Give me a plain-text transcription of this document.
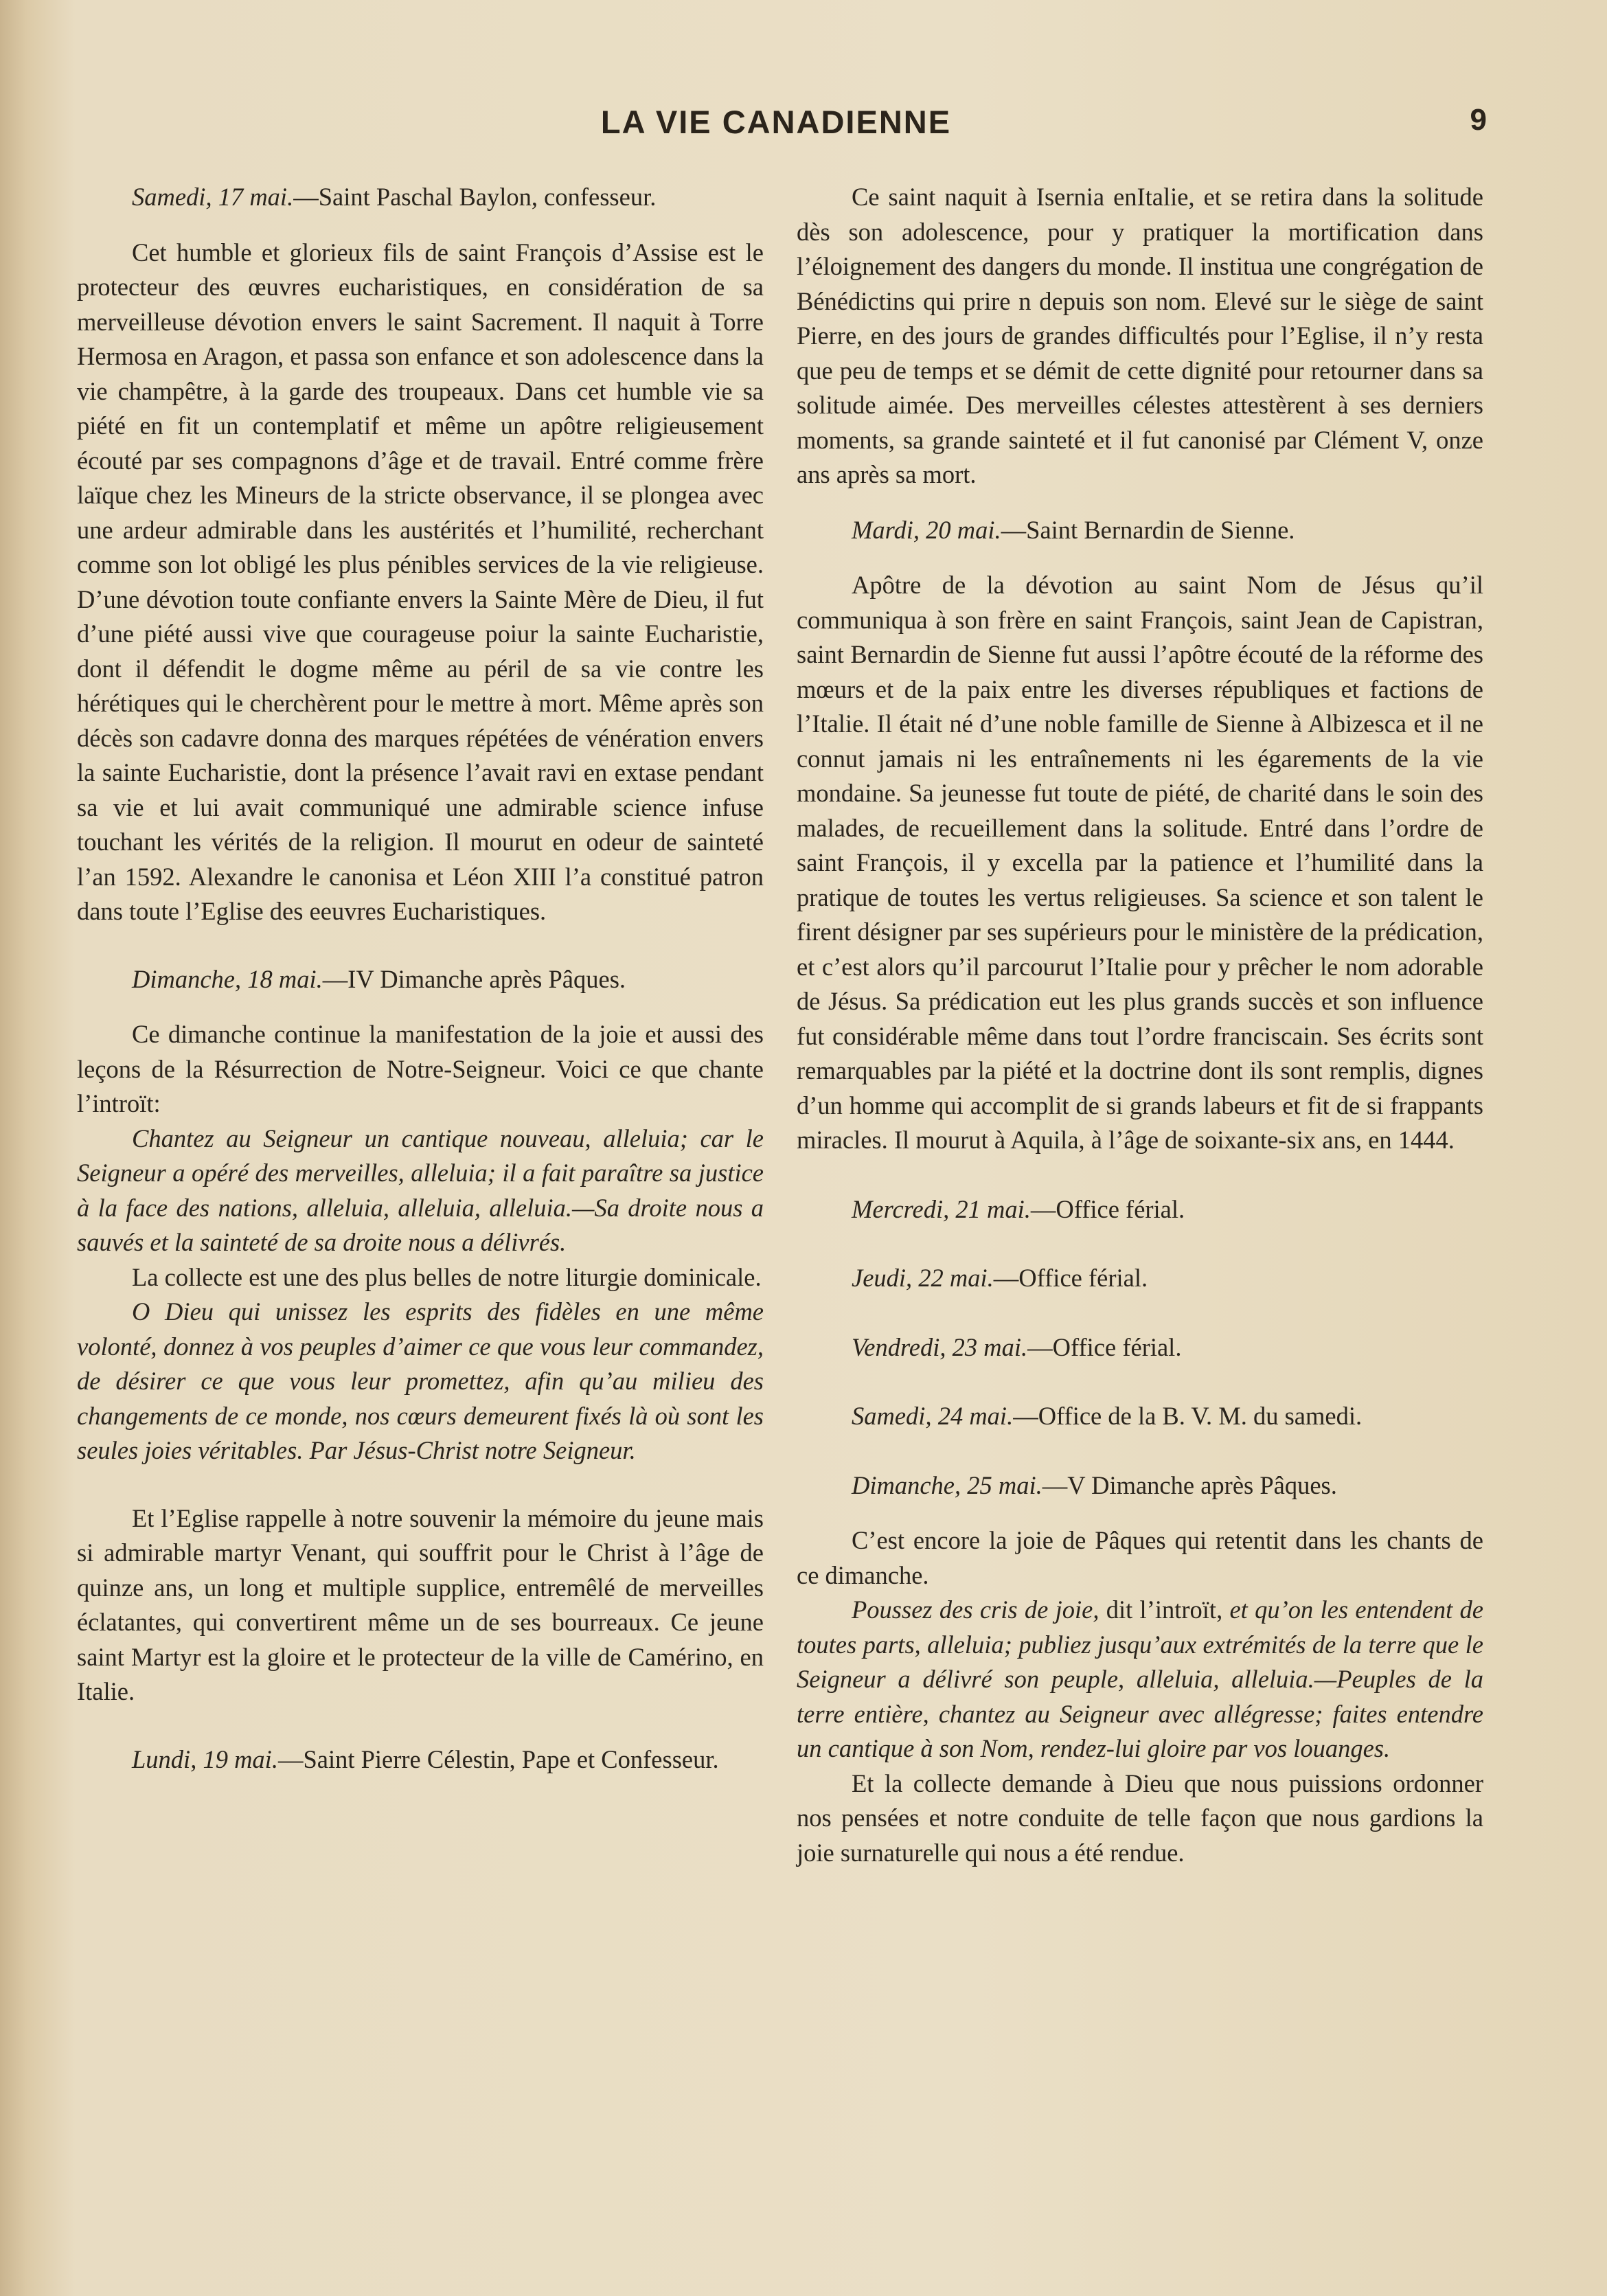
LA VIE CANADIENNE	9

Samedi, 17 mai.—Saint Paschal Baylon, confesseur.

Cet humble et glorieux fils de saint François d’Assise est le protecteur des œuvres eucharistiques, en considération de sa merveilleuse dévotion envers le saint Sacrement. Il naquit à Torre Hermosa en Aragon, et passa son enfance et son adolescence dans la vie champêtre, à la garde des troupeaux. Dans cet humble vie sa piété en fit un contemplatif et même un apôtre religieusement écouté par ses compagnons d’âge et de travail. Entré comme frère laïque chez les Mineurs de la stricte observance, il se plongea avec une ardeur admirable dans les austérités et l’humilité, recherchant comme son lot obligé les plus pénibles services de la vie religieuse. D’une dévotion toute confiante envers la Sainte Mère de Dieu, il fut d’une piété aussi vive que courageuse poiur la sainte Eucharistie, dont il défendit le dogme même au péril de sa vie contre les hérétiques qui le cherchèrent pour le mettre à mort. Même après son décès son cadavre donna des marques répétées de vénération envers la sainte Eucharistie, dont la présence l’avait ravi en extase pendant sa vie et lui avait communiqué une admirable science infuse touchant les vérités de la religion. Il mourut en odeur de sainteté l’an 1592. Alexandre le canonisa et Léon XIII l’a constitué patron dans toute l’Eglise des eeuvres Eucharistiques.

Dimanche, 18 mai.—IV Dimanche après Pâques.

Ce dimanche continue la manifestation de la joie et aussi des leçons de la Résurrection de Notre-Seigneur. Voici ce que chante l’introït:

Chantez au Seigneur un cantique nouveau, alleluia; car le Seigneur a opéré des merveilles, alleluia; il a fait paraître sa justice à la face des nations, alleluia, alleluia, alleluia.—Sa droite nous a sauvés et la sainteté de sa droite nous a délivrés.

La collecte est une des plus belles de notre liturgie dominicale.

O Dieu qui unissez les esprits des fidèles en une même volonté, donnez à vos peuples d’aimer ce que vous leur commandez, de désirer ce que vous leur promettez, afin qu’au milieu des changements de ce monde, nos cœurs demeurent fixés là où sont les seules joies véritables. Par Jésus-Christ notre Seigneur.

Et l’Eglise rappelle à notre souvenir la mémoire du jeune mais si admirable martyr Venant, qui souffrit pour le Christ à l’âge de quinze ans, un long et multiple supplice, entremêlé de merveilles éclatantes, qui convertirent même un de ses bourreaux. Ce jeune saint Martyr est la gloire et le protecteur de la ville de Camérino, en Italie.

Lundi, 19 mai.—Saint Pierre Célestin, Pape et Confesseur.

Ce saint naquit à Isernia enItalie, et se retira dans la solitude dès son adolescence, pour y pratiquer la mortification dans l’éloignement des dangers du monde. Il institua une congrégation de Bénédictins qui prire n depuis son nom. Elevé sur le siège de saint Pierre, en des jours de grandes difficultés pour l’Eglise, il n’y resta que peu de temps et se démit de cette dignité pour retourner dans sa solitude aimée. Des merveilles célestes attestèrent à ses derniers moments, sa grande sainteté et il fut canonisé par Clément V, onze ans après sa mort.

Mardi, 20 mai.—Saint Bernardin de Sienne.

Apôtre de la dévotion au saint Nom de Jésus qu’il communiqua à son frère en saint François, saint Jean de Capistran, saint Bernardin de Sienne fut aussi l’apôtre écouté de la réforme des mœurs et de la paix entre les diverses républiques et factions de l’Italie. Il était né d’une noble famille de Sienne à Albizesca et il ne connut jamais ni les entraînements ni les égarements de la vie mondaine. Sa jeunesse fut toute de piété, de charité dans le soin des malades, de recueillement dans la solitude. Entré dans l’ordre de saint François, il y excella par la patience et l’humilité dans la pratique de toutes les vertus religieuses. Sa science et son talent le firent désigner par ses supérieurs pour le ministère de la prédication, et c’est alors qu’il parcourut l’Italie pour y prêcher le nom adorable de Jésus. Sa prédication eut les plus grands succès et son influence fut considérable même dans tout l’ordre franciscain. Ses écrits sont remarquables par la piété et la doctrine dont ils sont remplis, dignes d’un homme qui accomplit de si grands labeurs et fit de si frappants miracles. Il mourut à Aquila, à l’âge de soixante-six ans, en 1444.

Mercredi, 21 mai.—Office férial.

Jeudi, 22 mai.—Office férial.

Vendredi, 23 mai.—Office férial.

Samedi, 24 mai.—Office de la B. V. M. du samedi.

Dimanche, 25 mai.—V Dimanche après Pâques.

C’est encore la joie de Pâques qui retentit dans les chants de ce dimanche.

Poussez des cris de joie, dit l’introït, et qu’on les entendent de toutes parts, alleluia; publiez jusqu’aux extrémités de la terre que le Seigneur a délivré son peuple, alleluia, alleluia.—Peuples de la terre entière, chantez au Seigneur avec allégresse; faites entendre un cantique à son Nom, rendez-lui gloire par vos louanges.

Et la collecte demande à Dieu que nous puissions ordonner nos pensées et notre conduite de telle façon que nous gardions la joie surnaturelle qui nous a été rendue.
